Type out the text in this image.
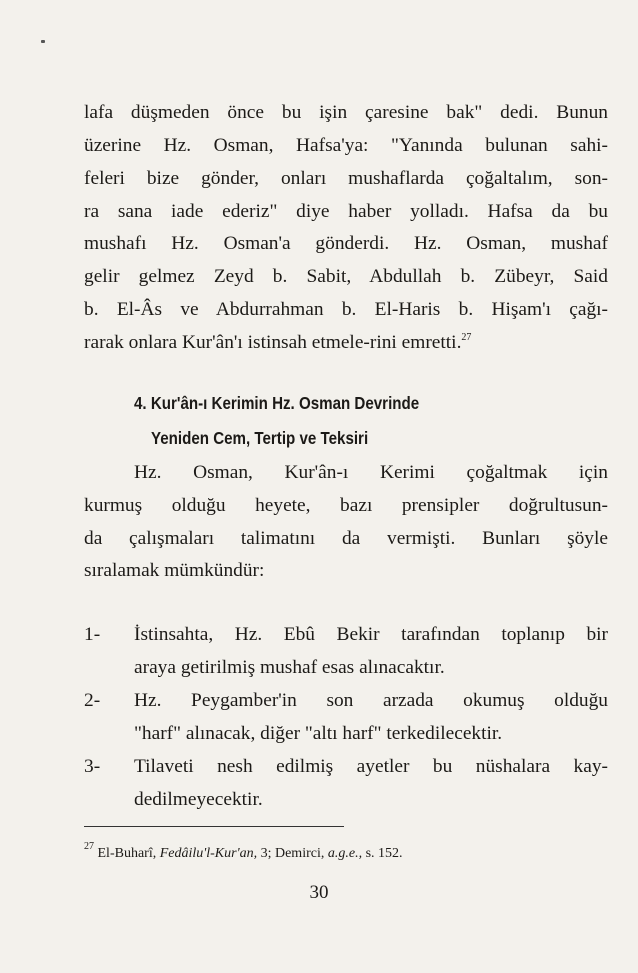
lafa düşmeden önce bu işin çaresine bak" dedi. Bunun
üzerine Hz. Osman, Hafsa'ya: "Yanında bulunan sahi-
feleri bize gönder, onları mushaflarda çoğaltalım, son-
ra sana iade ederiz" diye haber yolladı. Hafsa da bu
mushafı Hz. Osman'a gönderdi. Hz. Osman, mushaf
gelir gelmez Zeyd b. Sabit, Abdullah b. Zübeyr, Said
b. El-Âs ve Abdurrahman b. El-Haris b. Hişam'ı çağı-
rarak onlara Kur'ân'ı istinsah etmele-rini emretti.$^{27}$
4. Kur'ân-ı Kerimin Hz. Osman Devrinde
Yeniden Cem, Tertip ve Teksiri
Hz. Osman, Kur'ân-ı Kerimi çoğaltmak için
kurmuş olduğu heyete, bazı prensipler doğrultusun-
da çalışmaları talimatını da vermişti. Bunları şöyle
sıralamak mümkündür:
1- İstinsahta, Hz. Ebû Bekir tarafından toplanıp bir
araya getirilmiş mushaf esas alınacaktır.
2- Hz. Peygamber'in son arzada okumuş olduğu
"harf" alınacak, diğer "altı harf" terkedilecektir.
3- Tilaveti nesh edilmiş ayetler bu nüshalara kay-
dedilmeyecektir.
$^{27}$ El-Buharî, Fedâilu'l-Kur'an, 3; Demirci, a.g.e., s. 152.
30
